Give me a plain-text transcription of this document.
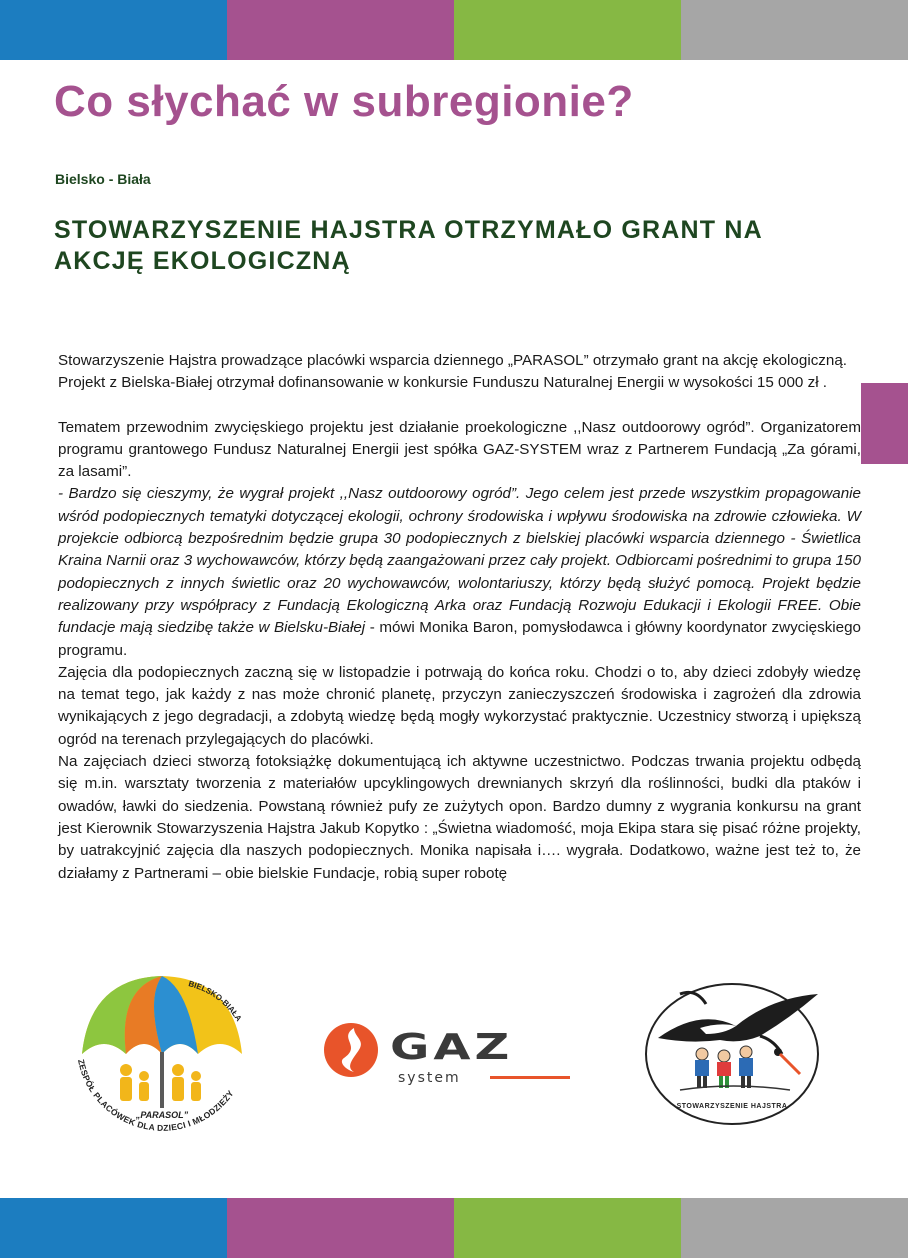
Co słychać w subregionie?

Bielsko - Biała

STOWARZYSZENIE HAJSTRA OTRZYMAŁO GRANT NA AKCJĘ EKOLOGICZNĄ

Stowarzyszenie Hajstra prowadzące placówki wsparcia dziennego „PARASOL” otrzymało grant na akcję ekologiczną. Projekt z Bielska-Białej otrzymał dofinansowanie w konkursie Funduszu Naturalnej Energii w wysokości 15 000 zł .

Tematem przewodnim zwycięskiego projektu jest działanie proekologiczne ,,Nasz outdoorowy ogród”. Organizatorem programu grantowego Fundusz Naturalnej Energii jest spółka GAZ-SYSTEM wraz z Partnerem Fundacją „Za górami, za lasami”.

- Bardzo się cieszymy, że wygrał projekt ,,Nasz outdoorowy ogród”. Jego celem jest przede wszystkim propagowanie wśród podopiecznych tematyki dotyczącej ekologii, ochrony środowiska i wpływu środowiska na zdrowie człowieka. W projekcie odbiorcą bezpośrednim będzie grupa 30 podopiecznych z bielskiej placówki wsparcia dziennego - Świetlica Kraina Narnii oraz 3 wychowawców, którzy będą zaangażowani przez cały projekt. Odbiorcami pośrednimi to grupa 150 podopiecznych z innych świetlic oraz 20 wychowawców, wolontariuszy, którzy będą służyć pomocą. Projekt będzie realizowany przy współpracy z Fundacją Ekologiczną Arka oraz Fundacją Rozwoju Edukacji i Ekologii FREE. Obie fundacje mają siedzibę także w Bielsku-Białej - mówi Monika Baron, pomysłodawca i główny koordynator zwycięskiego programu.

Zajęcia dla podopiecznych zaczną się w listopadzie i potrwają do końca roku. Chodzi o to, aby dzieci zdobyły wiedzę na temat tego, jak każdy z nas może chronić planetę, przyczyn zanieczyszczeń środowiska i zagrożeń dla zdrowia wynikających z jego degradacji, a zdobytą wiedzę będą mogły wykorzystać praktycznie. Uczestnicy stworzą i upiększą ogród na terenach przylegających do placówki.

Na zajęciach dzieci stworzą fotoksiążkę dokumentującą ich aktywne uczestnictwo. Podczas trwania projektu odbędą się m.in. warsztaty tworzenia z materiałów upcyklingowych drewnianych skrzyń dla roślinności, budki dla ptaków i owadów, ławki do siedzenia. Powstaną również pufy ze zużytych opon. Bardzo dumny z wygrania konkursu na grant jest Kierownik Stowarzyszenia Hajstra Jakub Kopytko : „Świetna wiadomość, moja Ekipa stara się pisać różne projekty, by uatrakcyjnić zajęcia dla naszych podopiecznych. Monika napisała i…. wygrała. Dodatkowo, ważne jest też to, że działamy z Partnerami – obie bielskie Fundacje, robią super robotę

BIELSKO-BIAŁA
ZESPÓŁ PLACÓWEK DLA DZIECI I MŁODZIEŻY
„PARASOL”
GAZ
system
STOWARZYSZENIE HAJSTRA
